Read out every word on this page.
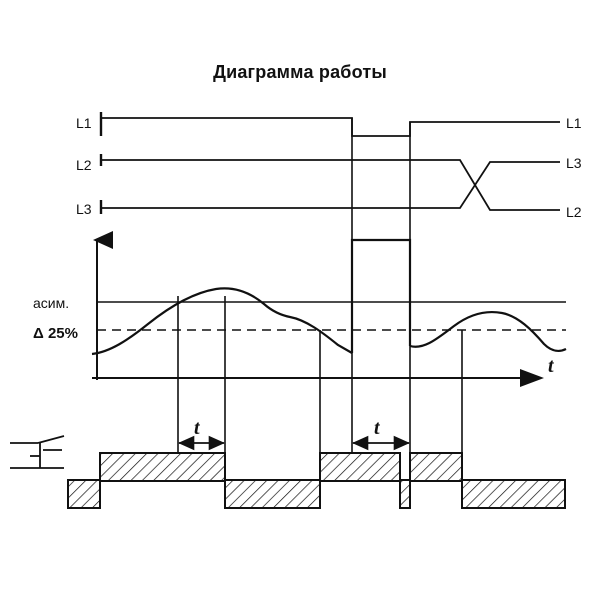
Диаграмма работы
L1
L2
L3
L1
L3
L2
t
асим.
Δ 25%
t	t
